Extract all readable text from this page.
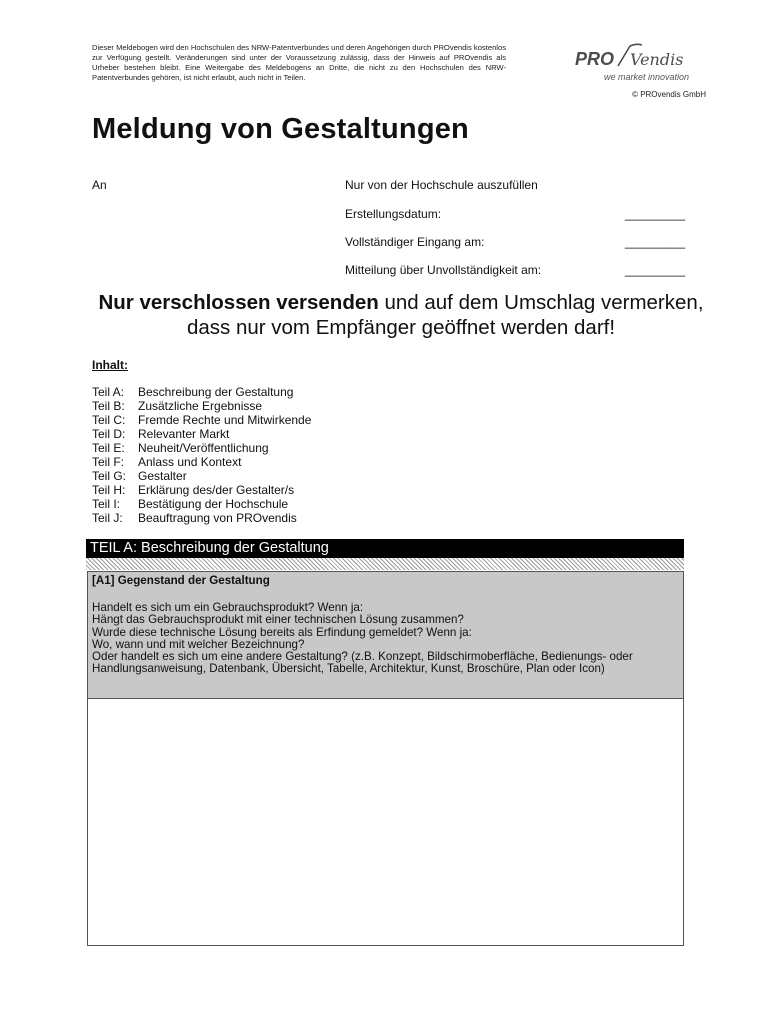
Dieser Meldebogen wird den Hochschulen des NRW-Patentverbundes und deren Angehörigen durch PROvendis kostenlos zur Verfügung gestellt. Veränderungen sind unter der Voraussetzung zulässig, dass der Hinweis auf PROvendis als Urheber bestehen bleibt. Eine Weitergabe des Meldebogens an Dritte, die nicht zu den Hochschulen des NRW-Patentverbundes gehören, ist nicht erlaubt, auch nicht in Teilen.
PRO Vendis
we market innovation
© PROvendis GmbH
Meldung von Gestaltungen
An	Nur von der Hochschule auszufüllen
Erstellungsdatum:	_________
Vollständiger Eingang am:	_________
Mitteilung über Unvollständigkeit am:	_________
Nur verschlossen versenden und auf dem Umschlag vermerken,
dass nur vom Empfänger geöffnet werden darf!
Inhalt:
Teil A:	Beschreibung der Gestaltung
Teil B:	Zusätzliche Ergebnisse
Teil C:	Fremde Rechte und Mitwirkende
Teil D:	Relevanter Markt
Teil E:	Neuheit/Veröffentlichung
Teil F:	Anlass und Kontext
Teil G: Gestalter
Teil H:	Erklärung des/der Gestalter/s
Teil I:	Bestätigung der Hochschule
Teil J:	Beauftragung von PROvendis
TEIL A: Beschreibung der Gestaltung
[A1] Gegenstand der Gestaltung
Handelt es sich um ein Gebrauchsprodukt? Wenn ja:
Hängt das Gebrauchsprodukt mit einer technischen Lösung zusammen?
Wurde diese technische Lösung bereits als Erfindung gemeldet? Wenn ja:
Wo, wann und mit welcher Bezeichnung?
Oder handelt es sich um eine andere Gestaltung? (z.B. Konzept, Bildschirmoberfläche, Bedienungs- oder Handlungsanweisung, Datenbank, Übersicht, Tabelle, Architektur, Kunst, Broschüre, Plan oder Icon)
